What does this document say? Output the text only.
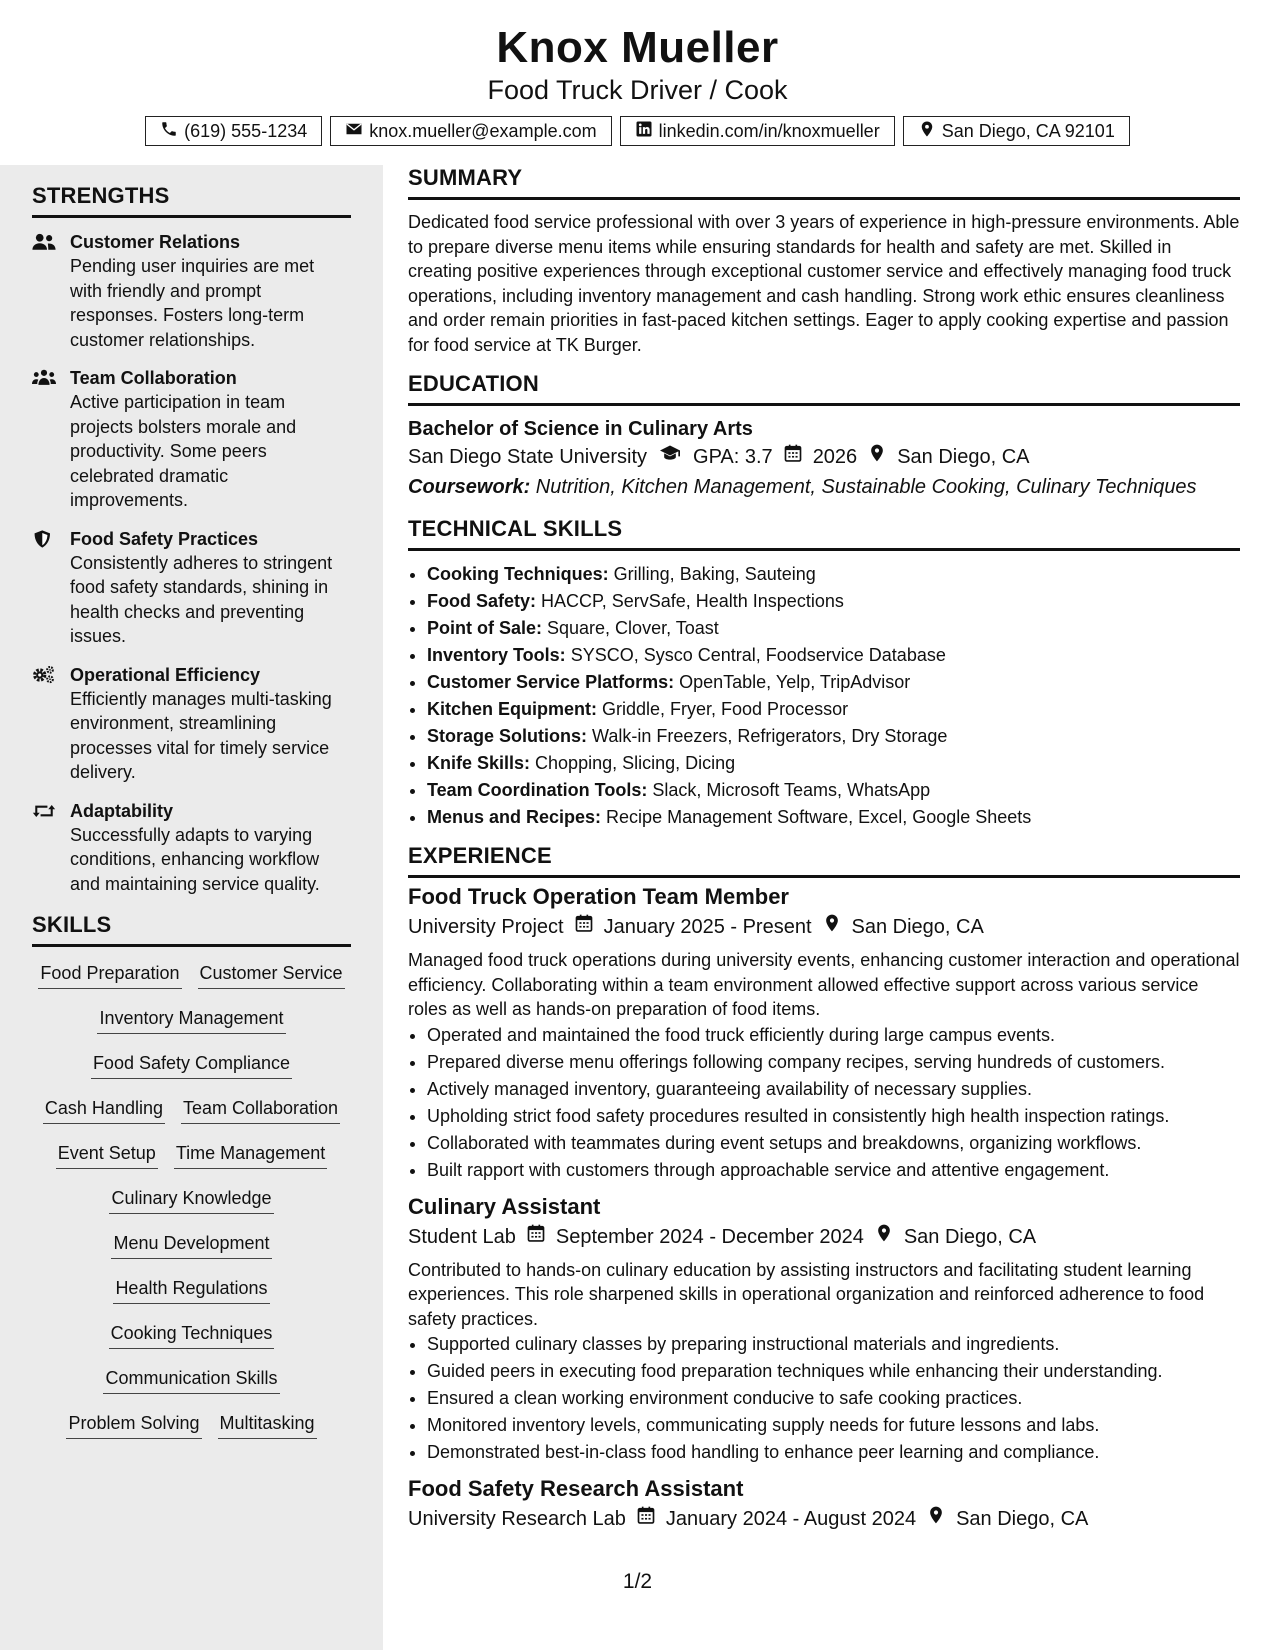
Knox Mueller
Food Truck Driver / Cook
(619) 555-1234	knox.mueller@example.com	linkedin.com/in/knoxmueller	San Diego, CA 92101
STRENGTHS
Customer Relations
Pending user inquiries are met with friendly and prompt responses. Fosters long-term customer relationships.
Team Collaboration
Active participation in team projects bolsters morale and productivity. Some peers celebrated dramatic improvements.
Food Safety Practices
Consistently adheres to stringent food safety standards, shining in health checks and preventing issues.
Operational Efficiency
Efficiently manages multi-tasking environment, streamlining processes vital for timely service delivery.
Adaptability
Successfully adapts to varying conditions, enhancing workflow and maintaining service quality.
SKILLS
Food Preparation Customer Service
Inventory Management
Food Safety Compliance
Cash Handling Team Collaboration
Event Setup Time Management
Culinary Knowledge
Menu Development
Health Regulations
Cooking Techniques
Communication Skills
Problem Solving Multitasking
SUMMARY
Dedicated food service professional with over 3 years of experience in high-pressure environments. Able to prepare diverse menu items while ensuring standards for health and safety are met. Skilled in creating positive experiences through exceptional customer service and effectively managing food truck operations, including inventory management and cash handling. Strong work ethic ensures cleanliness and order remain priorities in fast-paced kitchen settings. Eager to apply cooking expertise and passion for food service at TK Burger.
EDUCATION
Bachelor of Science in Culinary Arts
San Diego State University GPA: 3.7 2026 San Diego, CA
Coursework: Nutrition, Kitchen Management, Sustainable Cooking, Culinary Techniques
TECHNICAL SKILLS
• Cooking Techniques: Grilling, Baking, Sauteing
• Food Safety: HACCP, ServSafe, Health Inspections
• Point of Sale: Square, Clover, Toast
• Inventory Tools: SYSCO, Sysco Central, Foodservice Database
• Customer Service Platforms: OpenTable, Yelp, TripAdvisor
• Kitchen Equipment: Griddle, Fryer, Food Processor
• Storage Solutions: Walk-in Freezers, Refrigerators, Dry Storage
• Knife Skills: Chopping, Slicing, Dicing
• Team Coordination Tools: Slack, Microsoft Teams, WhatsApp
• Menus and Recipes: Recipe Management Software, Excel, Google Sheets
EXPERIENCE
Food Truck Operation Team Member
University Project January 2025 - Present San Diego, CA
Managed food truck operations during university events, enhancing customer interaction and operational efficiency. Collaborating within a team environment allowed effective support across various service roles as well as hands-on preparation of food items.
• Operated and maintained the food truck efficiently during large campus events.
• Prepared diverse menu offerings following company recipes, serving hundreds of customers.
• Actively managed inventory, guaranteeing availability of necessary supplies.
• Upholding strict food safety procedures resulted in consistently high health inspection ratings.
• Collaborated with teammates during event setups and breakdowns, organizing workflows.
• Built rapport with customers through approachable service and attentive engagement.
Culinary Assistant
Student Lab September 2024 - December 2024 San Diego, CA
Contributed to hands-on culinary education by assisting instructors and facilitating student learning experiences. This role sharpened skills in operational organization and reinforced adherence to food safety practices.
• Supported culinary classes by preparing instructional materials and ingredients.
• Guided peers in executing food preparation techniques while enhancing their understanding.
• Ensured a clean working environment conducive to safe cooking practices.
• Monitored inventory levels, communicating supply needs for future lessons and labs.
• Demonstrated best-in-class food handling to enhance peer learning and compliance.
Food Safety Research Assistant
University Research Lab January 2024 - August 2024 San Diego, CA
1/2
